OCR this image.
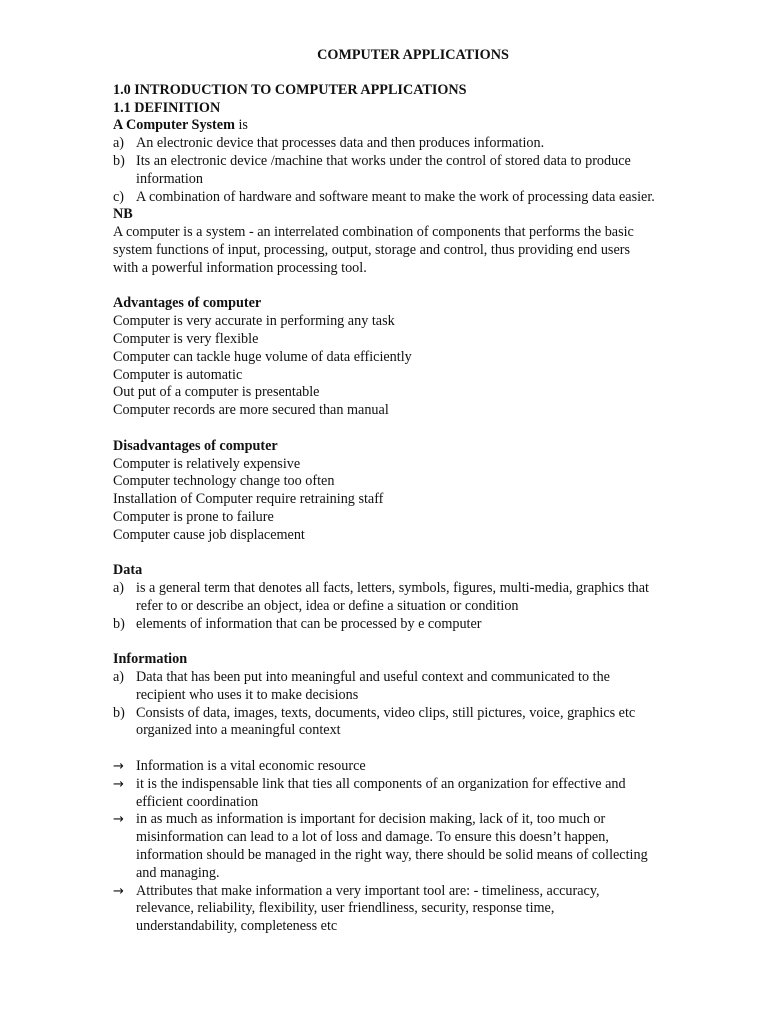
COMPUTER APPLICATIONS
1.0 INTRODUCTION TO COMPUTER APPLICATIONS
1.1 DEFINITION
A Computer System is
a) An electronic device that processes data and then produces information.
b) Its an electronic device /machine that works under the control of stored data to produce information
c) A combination of hardware and software meant to make the work of processing data easier.
NB

A computer is a system - an interrelated combination of components that performs the basic system functions of input, processing, output, storage and control, thus providing end users with a powerful information processing tool.

Advantages of computer
Computer is very accurate in performing any task
Computer is very flexible
Computer can tackle huge volume of data efficiently
Computer is automatic
Out put of a computer is presentable
Computer records are more secured than manual
Disadvantages of computer
Computer is relatively expensive
Computer technology change too often
Installation of Computer require retraining staff
Computer is prone to failure
Computer cause job displacement
Data
a) is a general term that denotes all facts, letters, symbols, figures, multi-media, graphics that refer to or describe an object, idea or define a situation or condition
b) elements of information that can be processed by e computer
Information
a) Data that has been put into meaningful and useful context and communicated to the recipient who uses it to make decisions
b) Consists of data, images, texts, documents, video clips, still pictures, voice, graphics etc organized into a meaningful context
→ Information is a vital economic resource
→ it is the indispensable link that ties all components of an organization for effective and efficient coordination
→ in as much as information is important for decision making, lack of it, too much or misinformation can lead to a lot of loss and damage. To ensure this doesn’t happen, information should be managed in the right way, there should be solid means of collecting and managing.
→ Attributes that make information a very important tool are: - timeliness, accuracy, relevance, reliability, flexibility, user friendliness, security, response time, understandability, completeness etc
